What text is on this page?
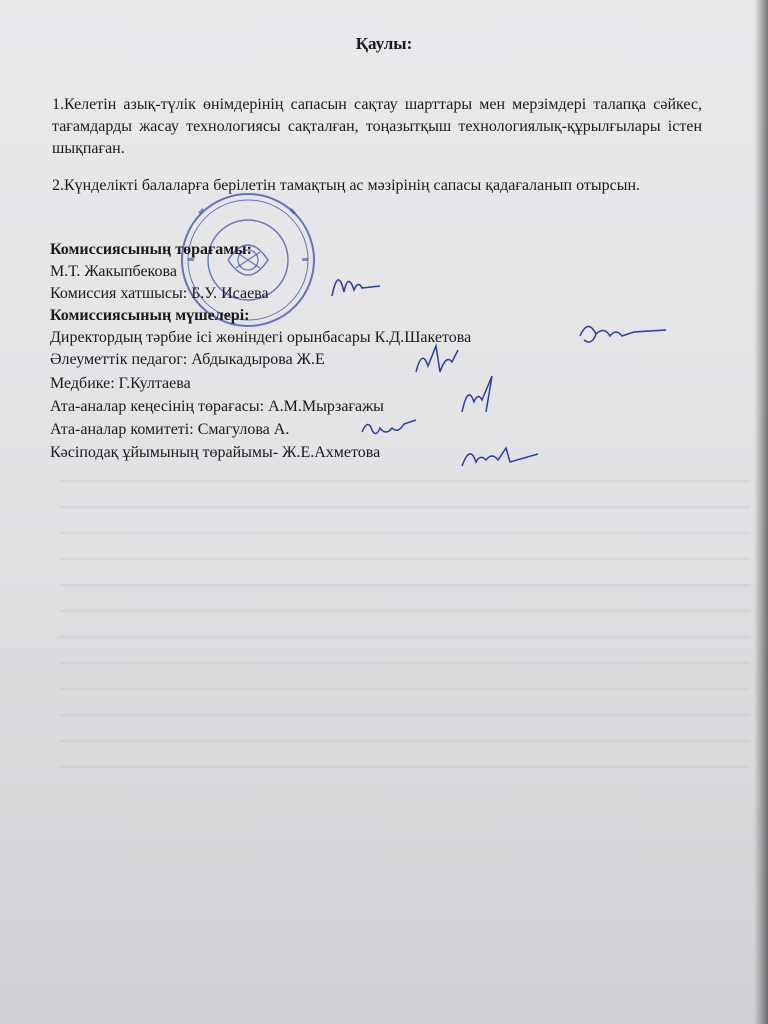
Қаулы:
1.Келетін азық-түлік өнімдерінің сапасын сақтау шарттары мен мерзімдері талапқа сәйкес, тағамдарды жасау технологиясы сақталған, тоңазытқыш технологиялық-құрылғылары істен шықпаған.
2.Күнделікті балаларға берілетін тамақтың ас мәзірінің сапасы қадағаланып отырсын.
Комиссиясының төрағамы:
М.Т. Жакыпбекова
Комиссия хатшысы: Б.У. Исаева
Комиссиясының мүшелері:
Директордың тәрбие ісі жөніндегі орынбасары К.Д.Шакетова
Әлеуметтік педагог: Абдыкадырова Ж.Е
Медбике: Г.Култаева
Ата-аналар кеңесінің төрағасы: А.М.Мырзағажы
Ата-аналар комитеті: Смагулова А.
Кәсіподақ ұйымының төрайымы- Ж.Е.Ахметова
